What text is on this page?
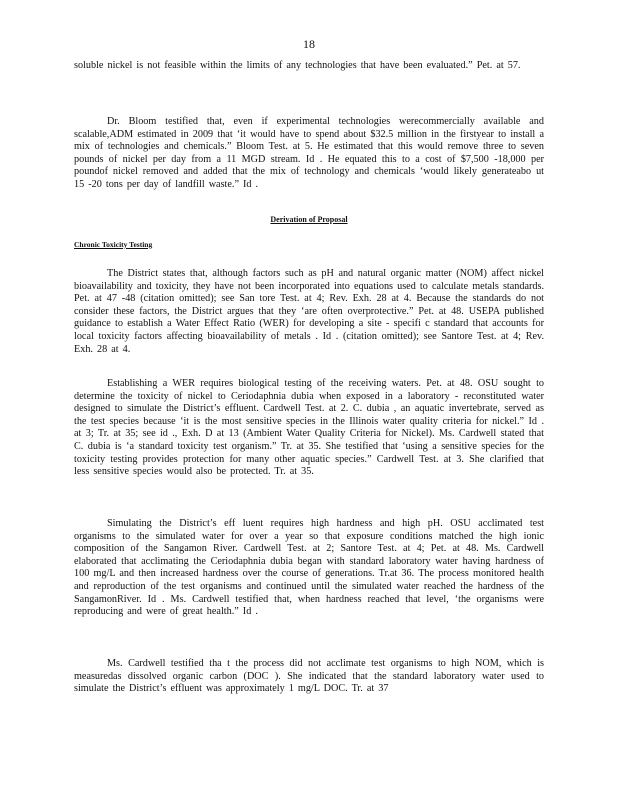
18

soluble nickel is not feasible within the limits of any technologies that have been evaluated.” Pet. at 57.

Dr. Bloom testified that, even if experimental technologies werecommercially available and scalable,ADM estimated in 2009 that ‘it would have to spend about $32.5 million in the firstyear to install a mix of technologies and chemicals.” Bloom Test. at 5. He estimated that this would remove three to seven pounds of nickel per day from a 11 MGD stream. Id . He equated this to a cost of $7,500 -18,000 per poundof nickel removed and added that the mix of technology and chemicals ‘would likely generateabo ut 15 -20 tons per day of landfill waste.” Id .

Derivation of Proposal
Chronic Toxicity Testing

The District states that, although factors such as pH and natural organic matter (NOM) affect nickel bioavailability and toxicity, they have not been incorporated into equations used to calculate metals standards. Pet. at 47 -48 (citation omitted); see San tore Test. at 4; Rev. Exh. 28 at 4. Because the standards do not consider these factors, the District argues that they ‘are often overprotective.” Pet. at 48. USEPA published guidance to establish a Water Effect Ratio (WER) for developing a site - specifi c standard that accounts for local toxicity factors affecting bioavailability of metals . Id . (citation omitted); see Santore Test. at 4; Rev. Exh. 28 at 4.

Establishing a WER requires biological testing of the receiving waters. Pet. at 48. OSU sought to determine the toxicity of nickel to Ceriodaphnia dubia when exposed in a laboratory - reconstituted water designed to simulate the District’s effluent. Cardwell Test. at 2. C. dubia , an aquatic invertebrate, served as the test species because ‘it is the most sensitive species in the Illinois water quality criteria for nickel.” Id . at 3; Tr. at 35; see id ., Exh. D at 13 (Ambient Water Quality Criteria for Nickel). Ms. Cardwell stated that C. dubia is ‘a standard toxicity test organism.” Tr. at 35. She testified that ‘using a sensitive species for the toxicity testing provides protection for many other aquatic species.” Cardwell Test. at 3. She clarified that less sensitive species would also be protected. Tr. at 35.

Simulating the District’s eff luent requires high hardness and high pH. OSU acclimated test organisms to the simulated water for over a year so that exposure conditions matched the high ionic composition of the Sangamon River. Cardwell Test. at 2; Santore Test. at 4; Pet. at 48. Ms. Cardwell elaborated that acclimating the Ceriodaphnia dubia began with standard laboratory water having hardness of 100 mg/L and then increased hardness over the course of generations. Tr.at 36. The process monitored health and reproduction of the test organisms and continued until the simulated water reached the hardness of the SangamonRiver. Id . Ms. Cardwell testified that, when hardness reached that level, ‘the organisms were reproducing and were of great health.” Id .

Ms. Cardwell testified tha t the process did not acclimate test organisms to high NOM, which is measuredas dissolved organic carbon (DOC ). She indicated that the standard laboratory water used to simulate the District’s effluent was approximately 1 mg/L DOC. Tr. at 37
